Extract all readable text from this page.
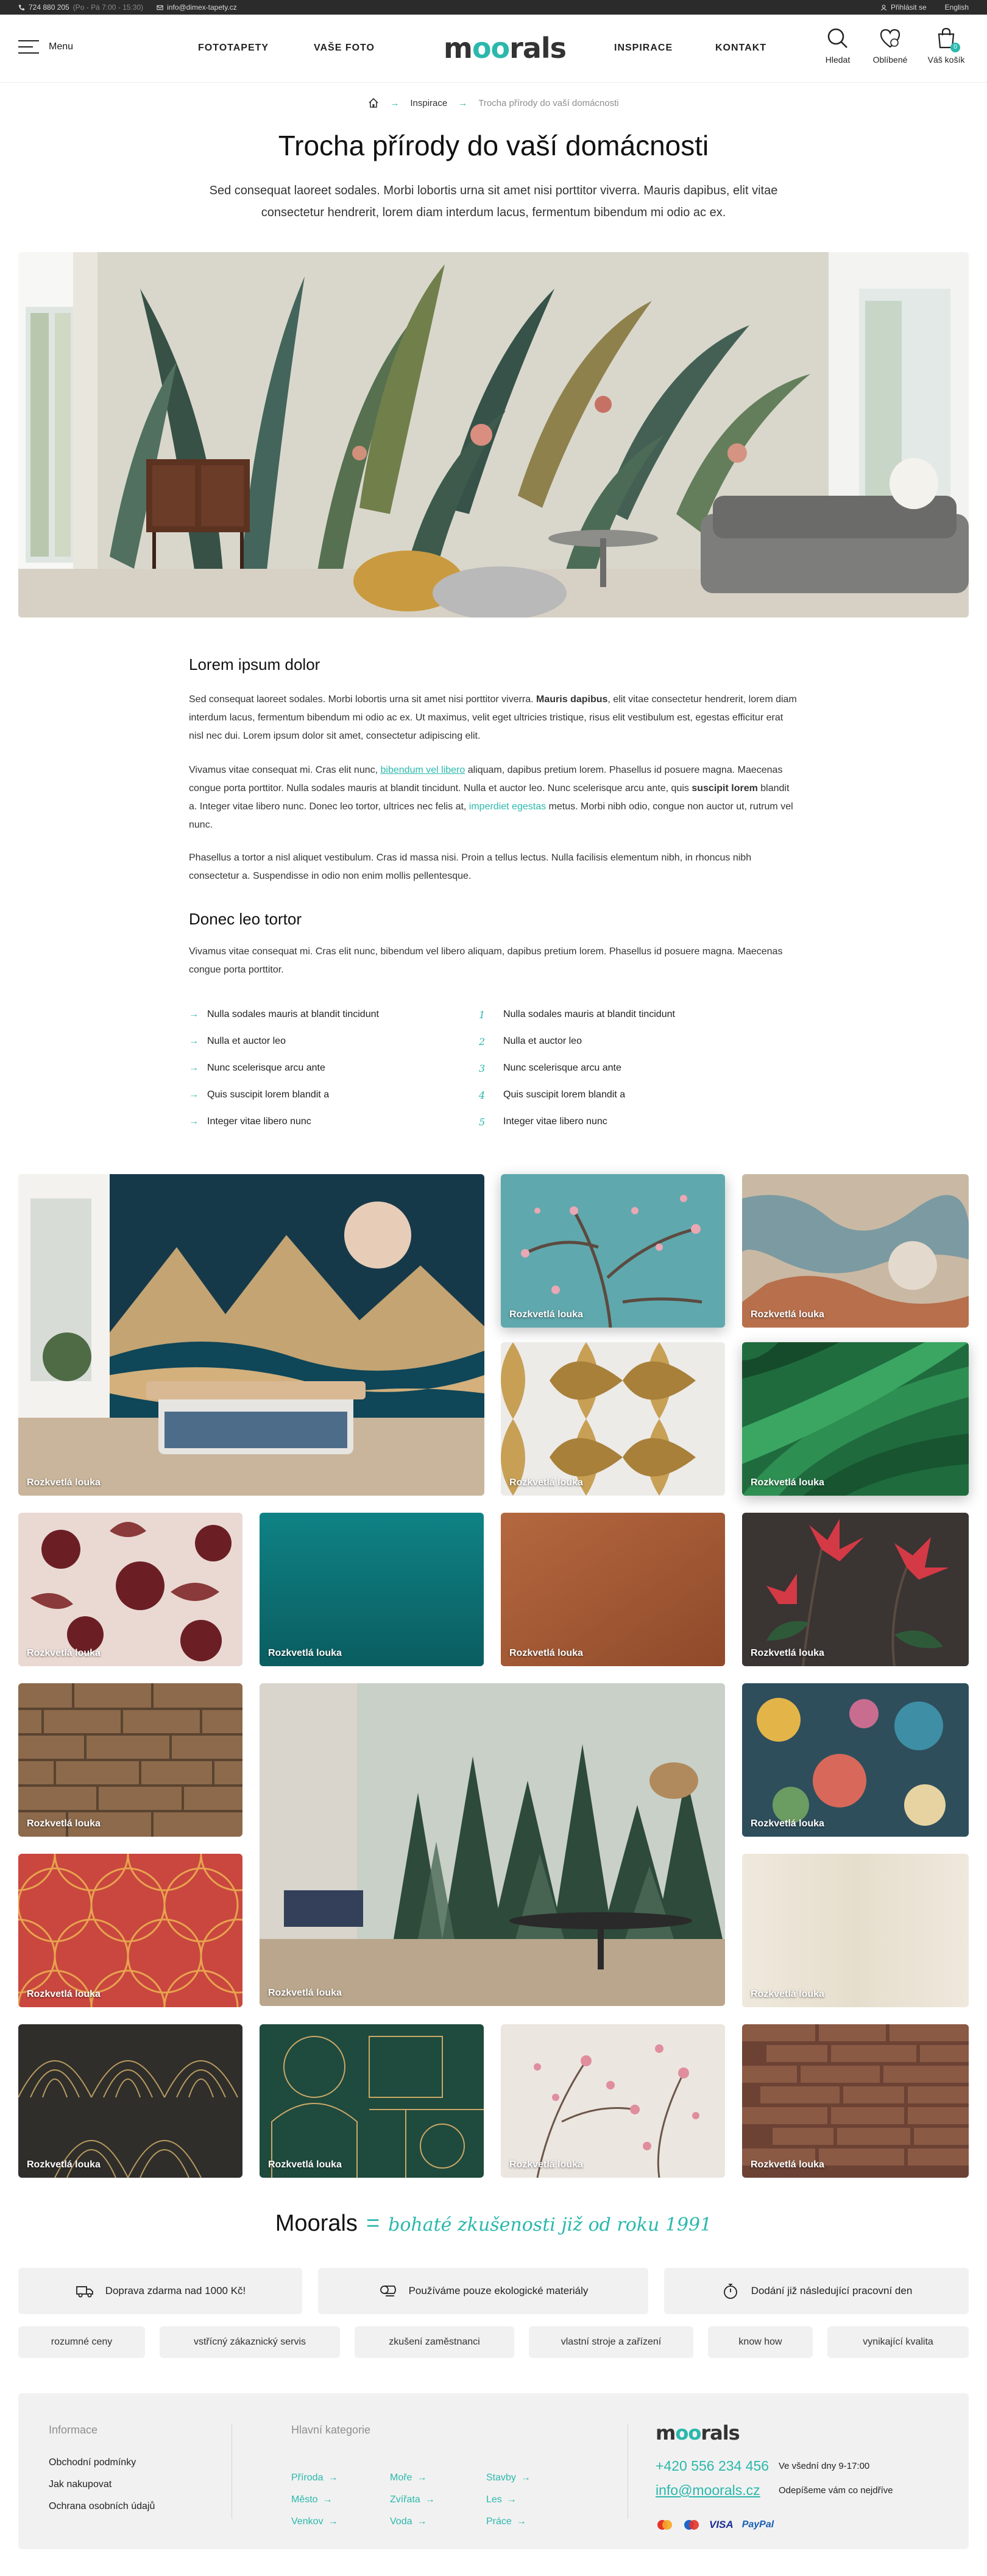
724 880 205 (Po - Pá 7:00 - 15:30)	info@dimex-tapety.cz	Přihlásit se	English
Menu	FOTOTAPETY	VAŠE FOTO moorals	INSPIRACE	KONTAKT
Hledat	Oblíbené
0
Váš košík
→ Inspirace → Trocha přírody do vaší domácnosti
Trocha přírody do vaší domácnosti

Sed consequat laoreet sodales. Morbi lobortis urna sit amet nisi porttitor viverra. Mauris dapibus, elit vitae consectetur hendrerit, lorem diam interdum lacus, fermentum bibendum mi odio ac ex.

Lorem ipsum dolor
Sed consequat laoreet sodales. Morbi lobortis urna sit amet nisi porttitor viverra. Mauris dapibus, elit vitae consectetur hendrerit, lorem diam interdum lacus, fermentum bibendum mi odio ac ex. Ut maximus, velit eget ultricies tristique, risus elit vestibulum est, egestas efficitur erat nisl nec dui. Lorem ipsum dolor sit amet, consectetur adipiscing elit.
Vivamus vitae consequat mi. Cras elit nunc, bibendum vel libero aliquam, dapibus pretium lorem. Phasellus id posuere magna. Maecenas congue porta porttitor. Nulla sodales mauris at blandit tincidunt. Nulla et auctor leo. Nunc scelerisque arcu ante, quis suscipit lorem blandit a. Integer vitae libero nunc. Donec leo tortor, ultrices nec felis at, imperdiet egestas metus. Morbi nibh odio, congue non auctor ut, rutrum vel nunc.
Phasellus a tortor a nisl aliquet vestibulum. Cras id massa nisi. Proin a tellus lectus. Nulla facilisis elementum nibh, in rhoncus nibh consectetur a. Suspendisse in odio non enim mollis pellentesque.
Donec leo tortor
Vivamus vitae consequat mi. Cras elit nunc, bibendum vel libero aliquam, dapibus pretium lorem. Phasellus id posuere magna. Maecenas congue porta porttitor.
→ Nulla sodales mauris at blandit tincidunt
→ Nulla et auctor leo
→ Nunc scelerisque arcu ante
→ Quis suscipit lorem blandit a
→ Integer vitae libero nunc
1	Nulla sodales mauris at blandit tincidunt
2	Nulla et auctor leo
3	Nunc scelerisque arcu ante
4	Quis suscipit lorem blandit a
5	Integer vitae libero nunc
Rozkvetlá louka
Rozkvetlá louka	Rozkvetlá louka
Rozkvetlá louka	Rozkvetlá louka
Rozkvetlá louka	Rozkvetlá louka	Rozkvetlá louka	Rozkvetlá louka
Rozkvetlá louka
Rozkvetlá louka
Rozkvetlá louka
Rozkvetlá louka	Rozkvetlá louka
Rozkvetlá louka	Rozkvetlá louka	Rozkvetlá louka	Rozkvetlá louka
Moorals = bohaté zkušenosti již od roku 1991
Doprava zdarma nad 1000 Kč!	Používáme pouze ekologické materiály	Dodání již následující pracovní den
rozumné ceny	vstřícný zákaznický servis	zkušení zaměstnanci	vlastní stroje a zařízení	know how	vynikající kvalita
Informace
Obchodní podmínky
Jak nakupovat
Ochrana osobních údajů
Hlavní kategorie
Příroda →	Moře →	Stavby →
Město →	Zvířata →	Les →
Venkov →	Voda →	Práce →
moorals
+420 556 234 456 Ve všední dny 9-17:00
info@moorals.cz Odepíšeme vám co nejdříve
VISA PayPal
